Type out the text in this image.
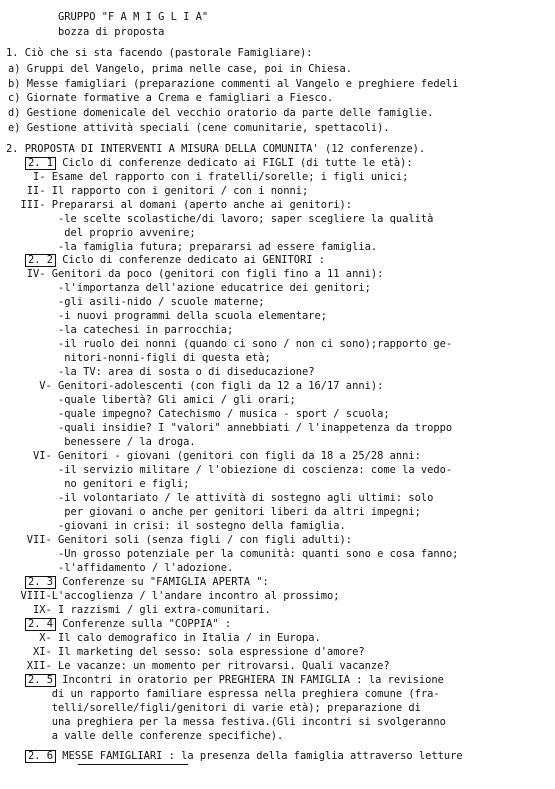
GRUPPO "F A M I G L I A"

bozza di proposta

1. Ciò che si sta facendo (pastorale Famigliare):

a) Gruppi del Vangelo, prima nelle case, poi in Chiesa.

b) Messe famigliari (preparazione commenti al Vangelo e preghiere fedeli

c) Giornate formative a Crema e famigliari a Fiesco.

d) Gestione domenicale del vecchio oratorio da parte delle famiglie.

e) Gestione attività speciali (cene comunitarie, spettacoli).

2. PROPOSTA DI INTERVENTI A MISURA DELLA COMUNITA' (12 conferenze).

2. 1 Ciclo di conferenze dedicato ai FIGLI (di tutte le età):

I- Esame del rapporto con i fratelli/sorelle; i figli unici;

II- Il rapporto con i genitori / con i nonni;

III- Prepararsi al domani (aperto anche ai genitori):

-le scelte scolastiche/di lavoro; saper scegliere la qualità

del proprio avvenire;

-la famiglia futura; prepararsi ad essere famiglia.

2. 2 Ciclo di conferenze dedicato ai GENITORI :

IV- Genitori da poco (genitori con figli fino a 11 anni):

-l'importanza dell'azione educatrice dei genitori;

-gli asili-nido / scuole materne;

-i nuovi programmi della scuola elementare;

-la catechesi in parrocchia;

-il ruolo dei nonni (quando ci sono / non ci sono);rapporto ge-

nitori-nonni-figli di questa età;

-la TV: area di sosta o di diseducazione?

V- Genitori-adolescenti (con figli da 12 a 16/17 anni):

-quale libertà? Gli amici / gli orari;

-quale impegno? Catechismo / musica - sport / scuola;

-quali insidie? I "valori" annebbiati / l'inappetenza da troppo

benessere / la droga.

VI- Genitori - giovani (genitori con figli da 18 a 25/28 anni:

-il servizio militare / l'obiezione di coscienza: come la vedo-

no genitori e figli;

-il volontariato / le attività di sostegno agli ultimi: solo

per giovani o anche per genitori liberi da altri impegni;

-giovani in crisi: il sostegno della famiglia.

VII- Genitori soli (senza figli / con figli adulti):

-Un grosso potenziale per la comunità: quanti sono e cosa fanno;

-l'affidamento / l'adozione.

2. 3 Conferenze su "FAMIGLIA APERTA ":

VIII-L'accoglienza / l'andare incontro al prossimo;

IX- I razzismi / gli extra-comunitari.

2. 4 Conferenze sulla "COPPIA" :

X- Il calo demografico in Italia / in Europa.

XI- Il marketing del sesso: sola espressione d'amore?

XII- Le vacanze: un momento per ritrovarsi. Quali vacanze?

2. 5 Incontri in oratorio per PREGHIERA IN FAMIGLIA : la revisione

di un rapporto familiare espressa nella preghiera comune (fra-

telli/sorelle/figli/genitori di varie età); preparazione di

una preghiera per la messa festiva.(Gli incontri si svolgeranno

a valle delle conferenze specifiche).

2. 6 MESSE FAMIGLIARI : la presenza della famiglia attraverso letture
